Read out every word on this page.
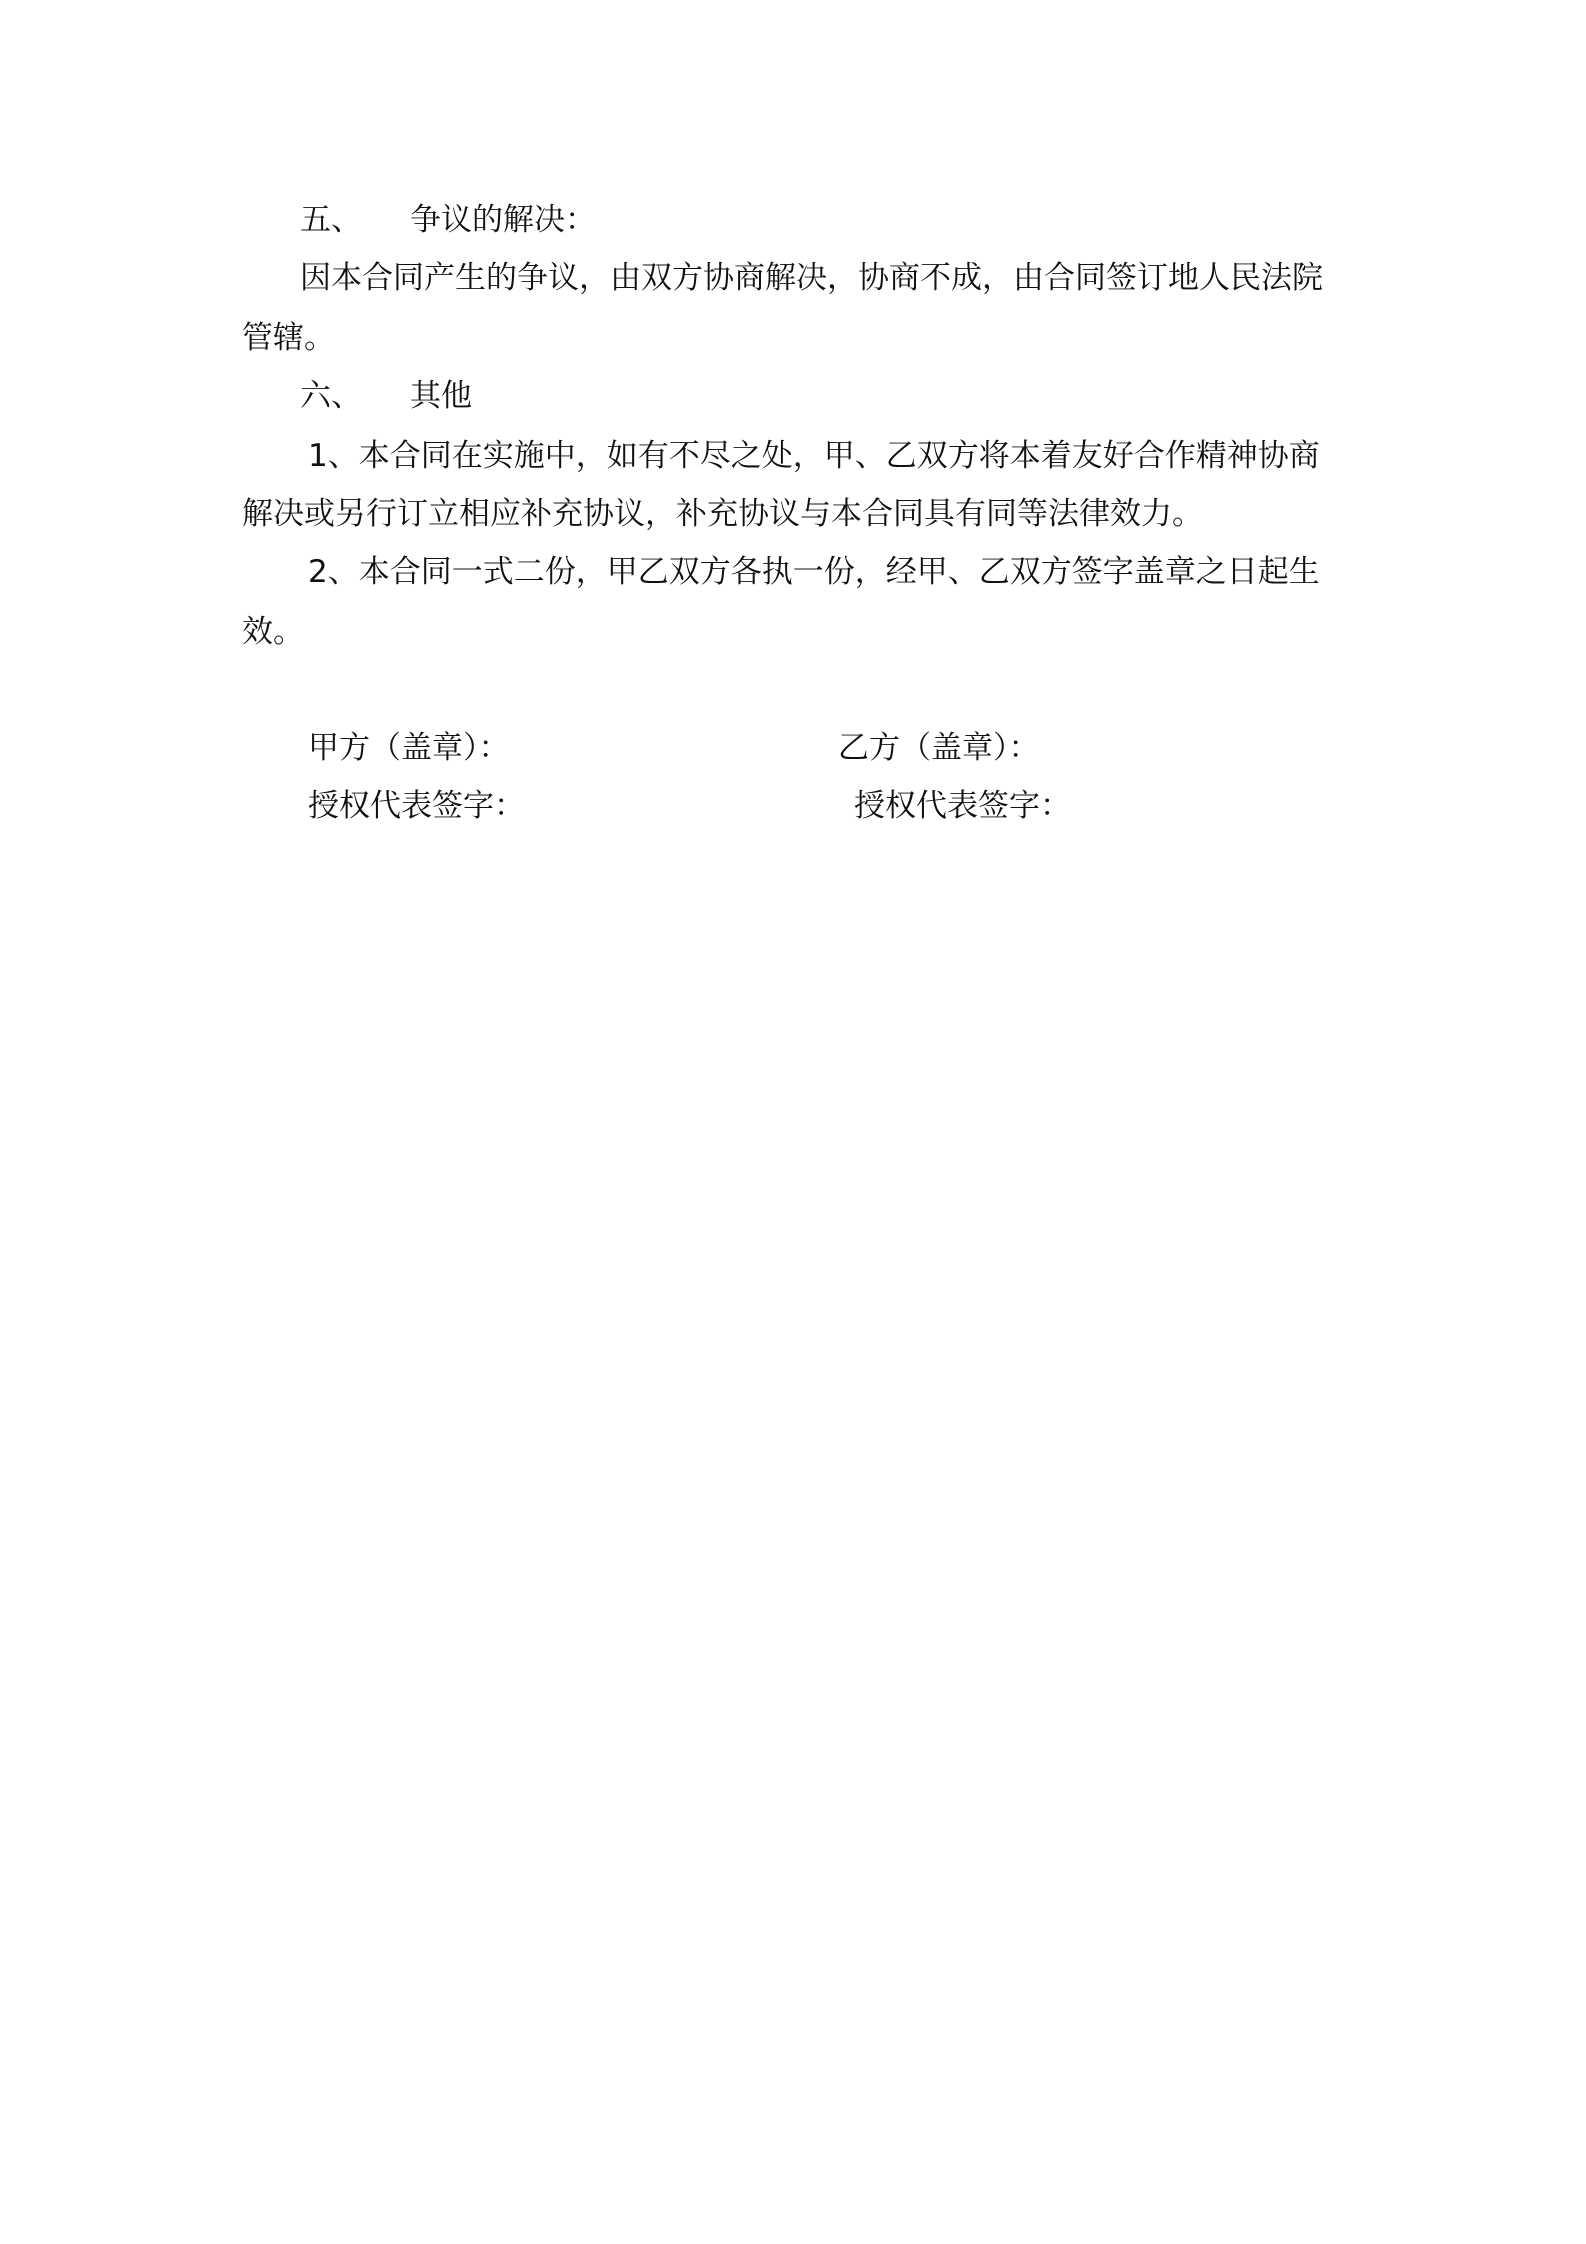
五、 争议的解决：
因本合同产生的争议，由双方协商解决，协商不成，由合同签订地人民法院
管辖。
六、 其他
1、本合同在实施中，如有不尽之处，甲、乙双方将本着友好合作精神协商
解决或另行订立相应补充协议，补充协议与本合同具有同等法律效力。
2、本合同一式二份，甲乙双方各执一份，经甲、乙双方签字盖章之日起生
效。
甲方（盖章）：	乙方（盖章）：
授权代表签字：	授权代表签字：
